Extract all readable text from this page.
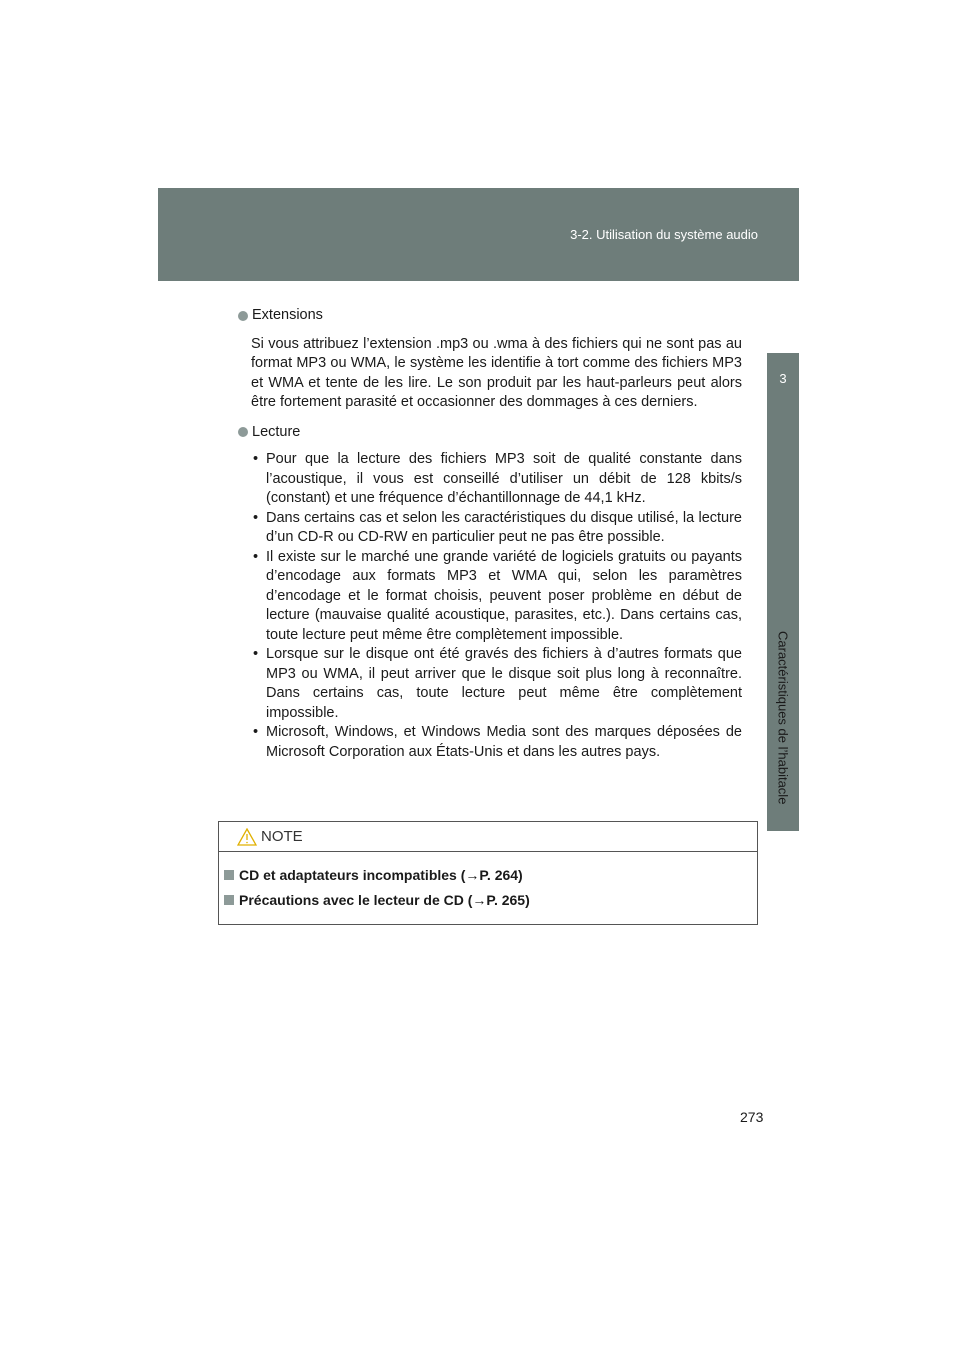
3-2. Utilisation du système audio
3
Caractéristiques de l’habitacle
Extensions
Si vous attribuez l’extension .mp3 ou .wma à des fichiers qui ne sont pas au format MP3 ou WMA, le système les identifie à tort comme des fichiers MP3 et WMA et tente de les lire. Le son produit par les haut-parleurs peut alors être fortement parasité et occasionner des dommages à ces derniers.
Lecture
• Pour que la lecture des fichiers MP3 soit de qualité constante dans l’acoustique, il vous est conseillé d’utiliser un débit de 128 kbits/s (constant) et une fréquence d’échantillonnage de 44,1 kHz.
• Dans certains cas et selon les caractéristiques du disque utilisé, la lecture d’un CD-R ou CD-RW en particulier peut ne pas être possible.
• Il existe sur le marché une grande variété de logiciels gratuits ou payants d’encodage aux formats MP3 et WMA qui, selon les paramètres d’encodage et le format choisis, peuvent poser problème en début de lecture (mauvaise qualité acoustique, parasites, etc.). Dans certains cas, toute lecture peut même être complètement impossible.
• Lorsque sur le disque ont été gravés des fichiers à d’autres formats que MP3 ou WMA, il peut arriver que le disque soit plus long à reconnaître. Dans certains cas, toute lecture peut même être complètement impossible.
• Microsoft, Windows, et Windows Media sont des marques déposées de Microsoft Corporation aux États-Unis et dans les autres pays.
NOTE
CD et adaptateurs incompatibles (→P. 264)
Précautions avec le lecteur de CD (→P. 265)
273
